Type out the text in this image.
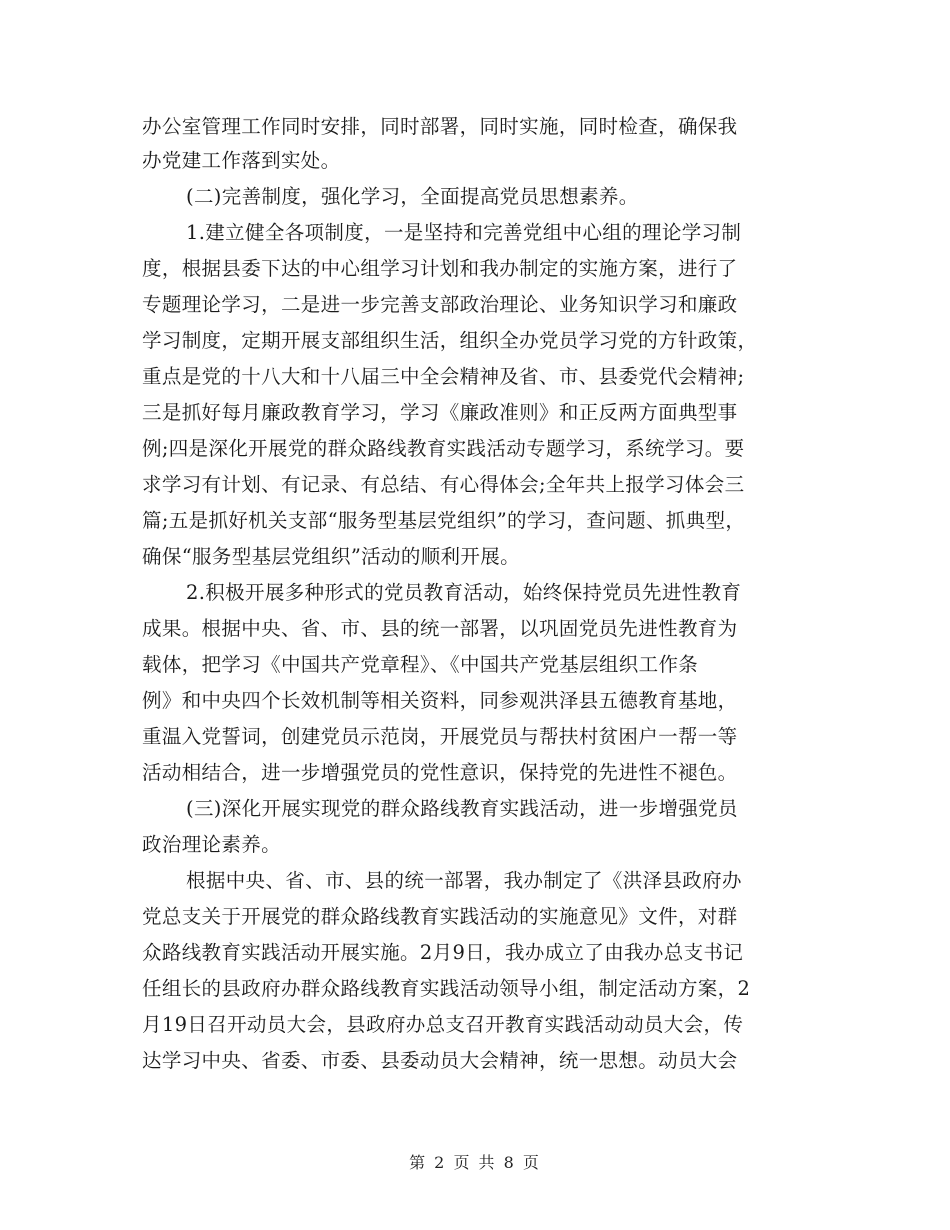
办公室管理工作同时安排，同时部署，同时实施，同时检查，确保我
办党建工作落到实处。
(二)完善制度，强化学习，全面提高党员思想素养。
1.建立健全各项制度，一是坚持和完善党组中心组的理论学习制
度，根据县委下达的中心组学习计划和我办制定的实施方案，进行了
专题理论学习，二是进一步完善支部政治理论、业务知识学习和廉政
学习制度，定期开展支部组织生活，组织全办党员学习党的方针政策，
重点是党的十八大和十八届三中全会精神及省、市、县委党代会精神;
三是抓好每月廉政教育学习，学习《廉政准则》和正反两方面典型事
例;四是深化开展党的群众路线教育实践活动专题学习，系统学习。要
求学习有计划、有记录、有总结、有心得体会;全年共上报学习体会三
篇;五是抓好机关支部“服务型基层党组织”的学习，查问题、抓典型，
确保“服务型基层党组织”活动的顺利开展。
2.积极开展多种形式的党员教育活动，始终保持党员先进性教育
成果。根据中央、省、市、县的统一部署，以巩固党员先进性教育为
载体，把学习《中国共产党章程》、《中国共产党基层组织工作条
例》和中央四个长效机制等相关资料，同参观洪泽县五德教育基地，
重温入党誓词，创建党员示范岗，开展党员与帮扶村贫困户一帮一等
活动相结合，进一步增强党员的党性意识，保持党的先进性不褪色。
(三)深化开展实现党的群众路线教育实践活动，进一步增强党员
政治理论素养。
根据中央、省、市、县的统一部署，我办制定了《洪泽县政府办
党总支关于开展党的群众路线教育实践活动的实施意见》文件，对群
众路线教育实践活动开展实施。2月9日，我办成立了由我办总支书记
任组长的县政府办群众路线教育实践活动领导小组，制定活动方案，2
月19日召开动员大会，县政府办总支召开教育实践活动动员大会，传
达学习中央、省委、市委、县委动员大会精神，统一思想。动员大会
第 2 页 共 8 页
